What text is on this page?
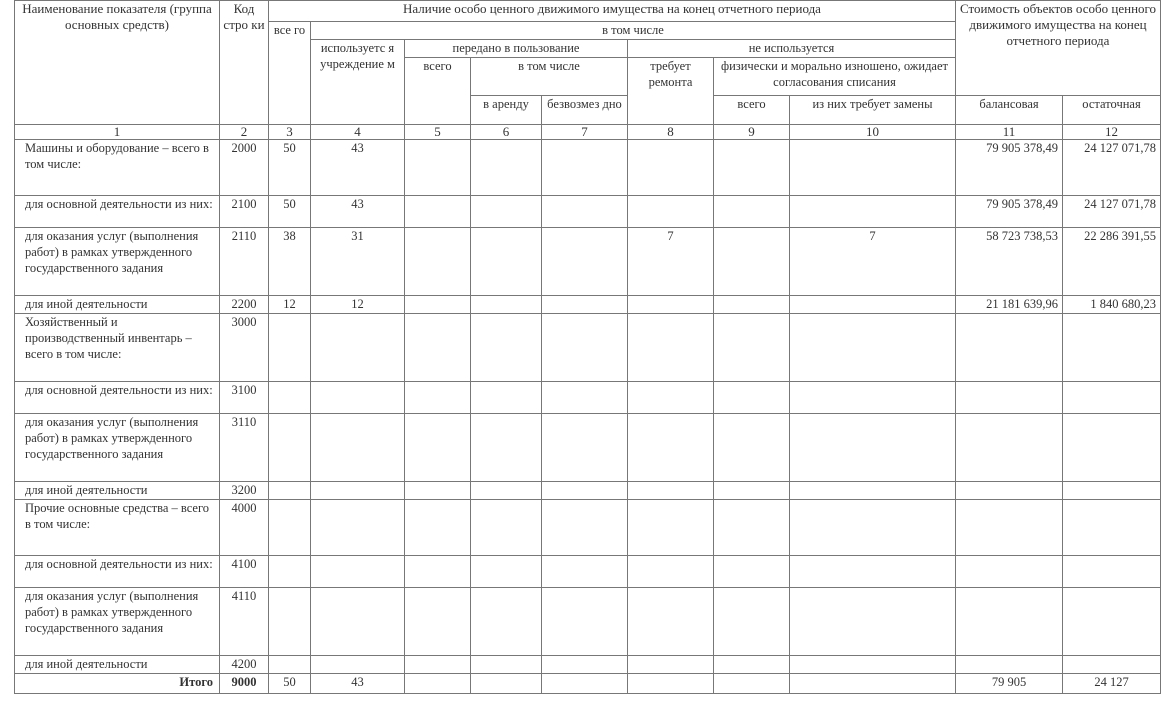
Наименование показателя (группа основных средств)	Код стро ки	Наличие особо ценного движимого имущества на конец отчетного периода								Стоимость объектов особо ценного движимого имущества на конец отчетного периода	
		все го	в том числе								
			используетс я учреждение м	передано в пользование			не используется				
				всего	в том числе		требует ремонта	физически и морально изношено, ожидает согласования списания			
					в аренду	безвозмез дно		всего	из них требует замены	балансовая	остаточная
1	2	3	4	5	6	7	8	9	10	11	12
Машины и оборудование – всего в том числе:	2000	50	43							79 905 378,49	24 127 071,78
для основной деятельности из них:	2100	50	43							79 905 378,49	24 127 071,78
для оказания услуг (выполнения работ) в рамках утвержденного государственного задания	2110	38	31				7		7	58 723 738,53	22 286 391,55
для иной деятельности	2200	12	12							21 181 639,96	1 840 680,23
Хозяйственный и производственный инвентарь – всего в том числе:	3000										
для основной деятельности из них:	3100										
для оказания услуг (выполнения работ) в рамках утвержденного государственного задания	3110										
для иной деятельности	3200										
Прочие основные средства – всего в том числе:	4000										
для основной деятельности из них:	4100										
для оказания услуг (выполнения работ) в рамках утвержденного государственного задания	4110										
для иной деятельности	4200										
Итого	9000	50	43							79 905	24 127
